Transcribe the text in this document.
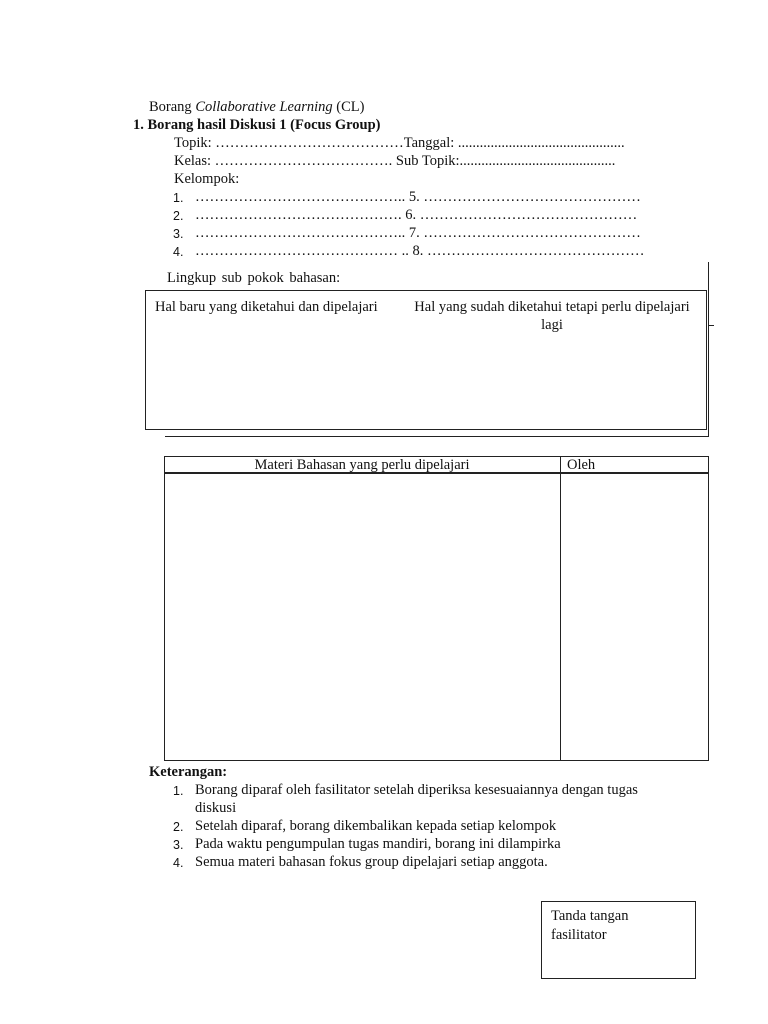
Borang Collaborative Learning (CL)
1. Borang hasil Diskusi 1 (Focus Group)
Topik: …………………………………Tanggal: ..............................................
Kelas: ………………………………. Sub Topik:...........................................
Kelompok:
1. …………………………………….. 5. ………………………………………
2. ……………………………………. 6. ………………………………………
3. …………………………………….. 7. ………………………………………
4. …………………………………… .. 8. ………………………………………
Lingkup sub pokok bahasan:
Hal baru yang diketahui dan dipelajari	Hal yang sudah diketahui tetapi perlu dipelajari
lagi
Materi Bahasan yang perlu dipelajari	Oleh
Keterangan:
1. Borang diparaf oleh fasilitator setelah diperiksa kesesuaiannya dengan tugas
diskusi
2. Setelah diparaf, borang dikembalikan kepada setiap kelompok
3. Pada waktu pengumpulan tugas mandiri, borang ini dilampirka
4. Semua materi bahasan fokus group dipelajari setiap anggota.
Tanda tangan
fasilitator
